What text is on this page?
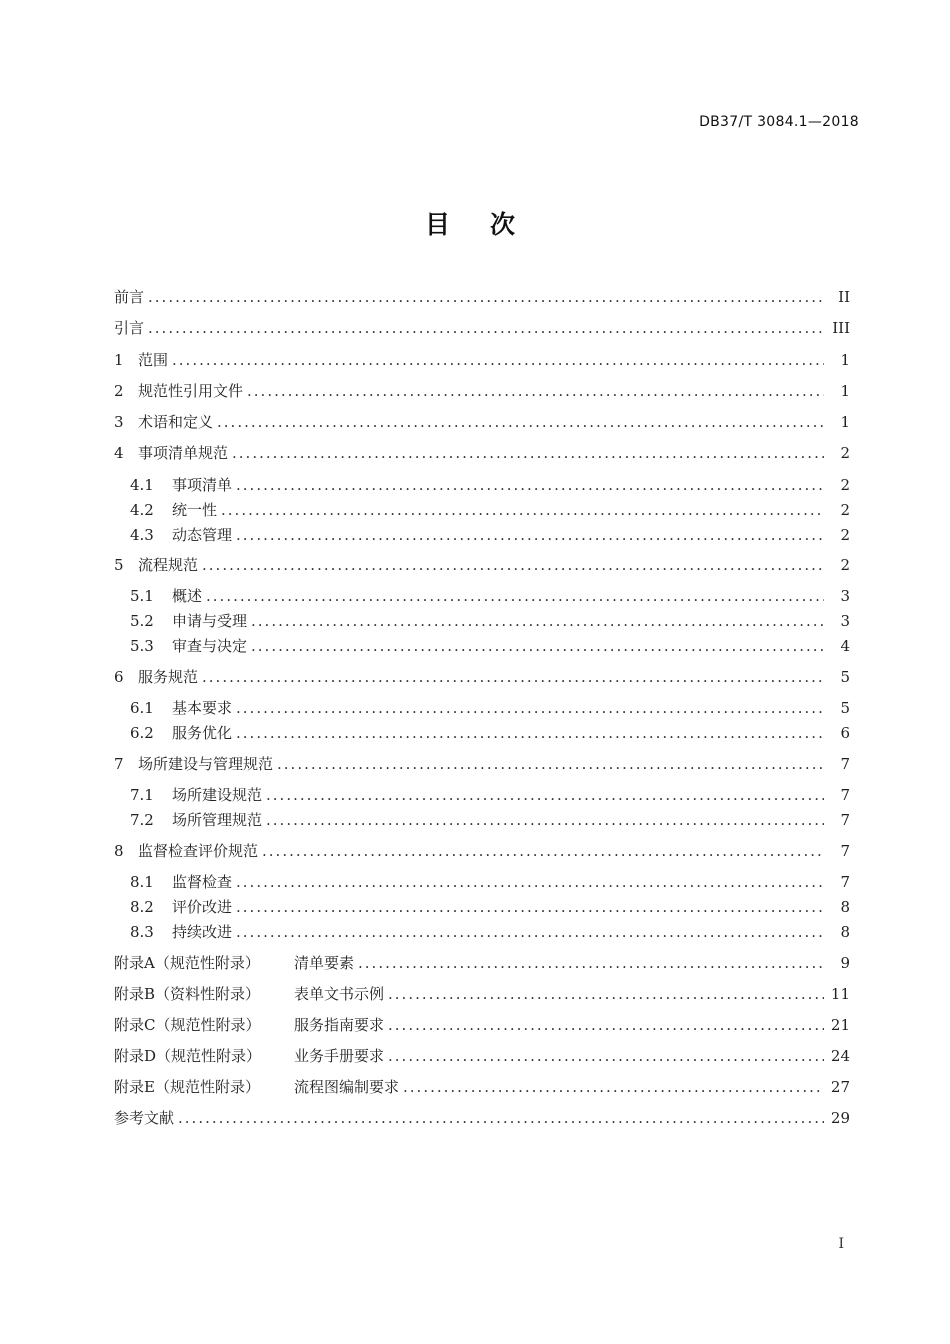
DB37/T 3084.1—2018
目次
前言 .....	II
引言 .....	III
1 范围 .....	1
2 规范性引用文件 .....	1
3 术语和定义 .....	1
4 事项清单规范 .....	2
4.1	事项清单 .....	2
4.2	统一性 .....	2
4.3	动态管理 .....	2
5 流程规范 .....	2
5.1	概述 .....	3
5.2	申请与受理 .....	3
5.3	审查与决定 .....	4
6 服务规范 .....	5
6.1	基本要求 .....	5
6.2	服务优化 .....	6
7 场所建设与管理规范 .....	7
7.1	场所建设规范 .....	7
7.2	场所管理规范 .....	7
8 监督检查评价规范 .....	7
8.1	监督检查 .....	7
8.2	评价改进 .....	8
8.3	持续改进 .....	8
附录A（规范性附录）	清单要素 .....	9
附录B（资料性附录）	表单文书示例 .....	11
附录C（规范性附录）	服务指南要求 .....	21
附录D（规范性附录）	业务手册要求 .....	24
附录E（规范性附录）	流程图编制要求 .....	27
参考文献 .....	29
I
